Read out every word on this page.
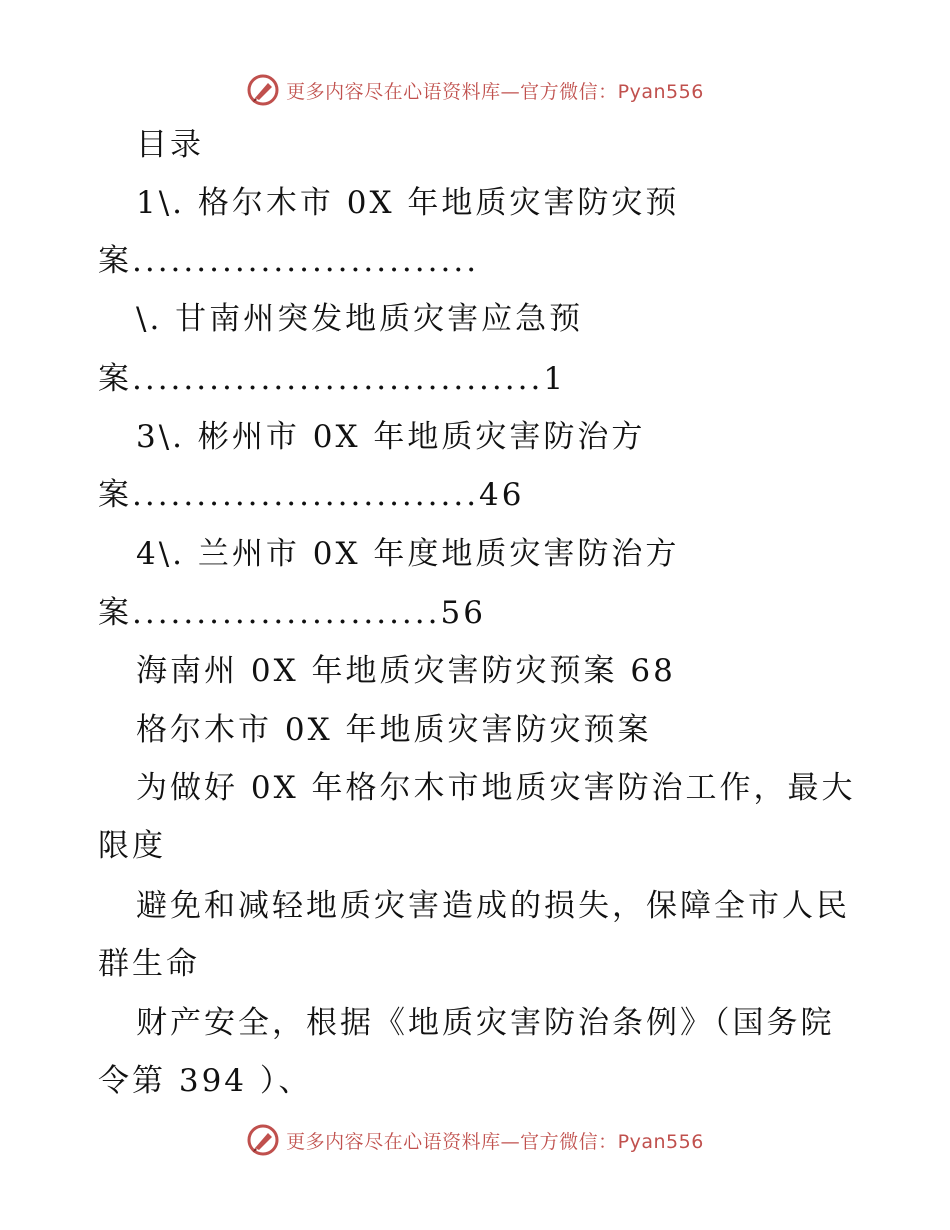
更多内容尽在心语资料库—官方微信：Pyan556
目录
1\. 格尔木市 0X 年地质灾害防灾预
案...........................
\. 甘南州突发地质灾害应急预
案................................1
3\. 彬州市 0X 年地质灾害防治方
案...........................46
4\. 兰州市 0X 年度地质灾害防治方
案........................56
海南州 0X 年地质灾害防灾预案 68
格尔木市 0X 年地质灾害防灾预案
为做好 0X 年格尔木市地质灾害防治工作，最大
限度
避免和减轻地质灾害造成的损失，保障全市人民
群生命
财产安全，根据《地质灾害防治条例》（国务院
令第 394 ）、
更多内容尽在心语资料库—官方微信：Pyan556
